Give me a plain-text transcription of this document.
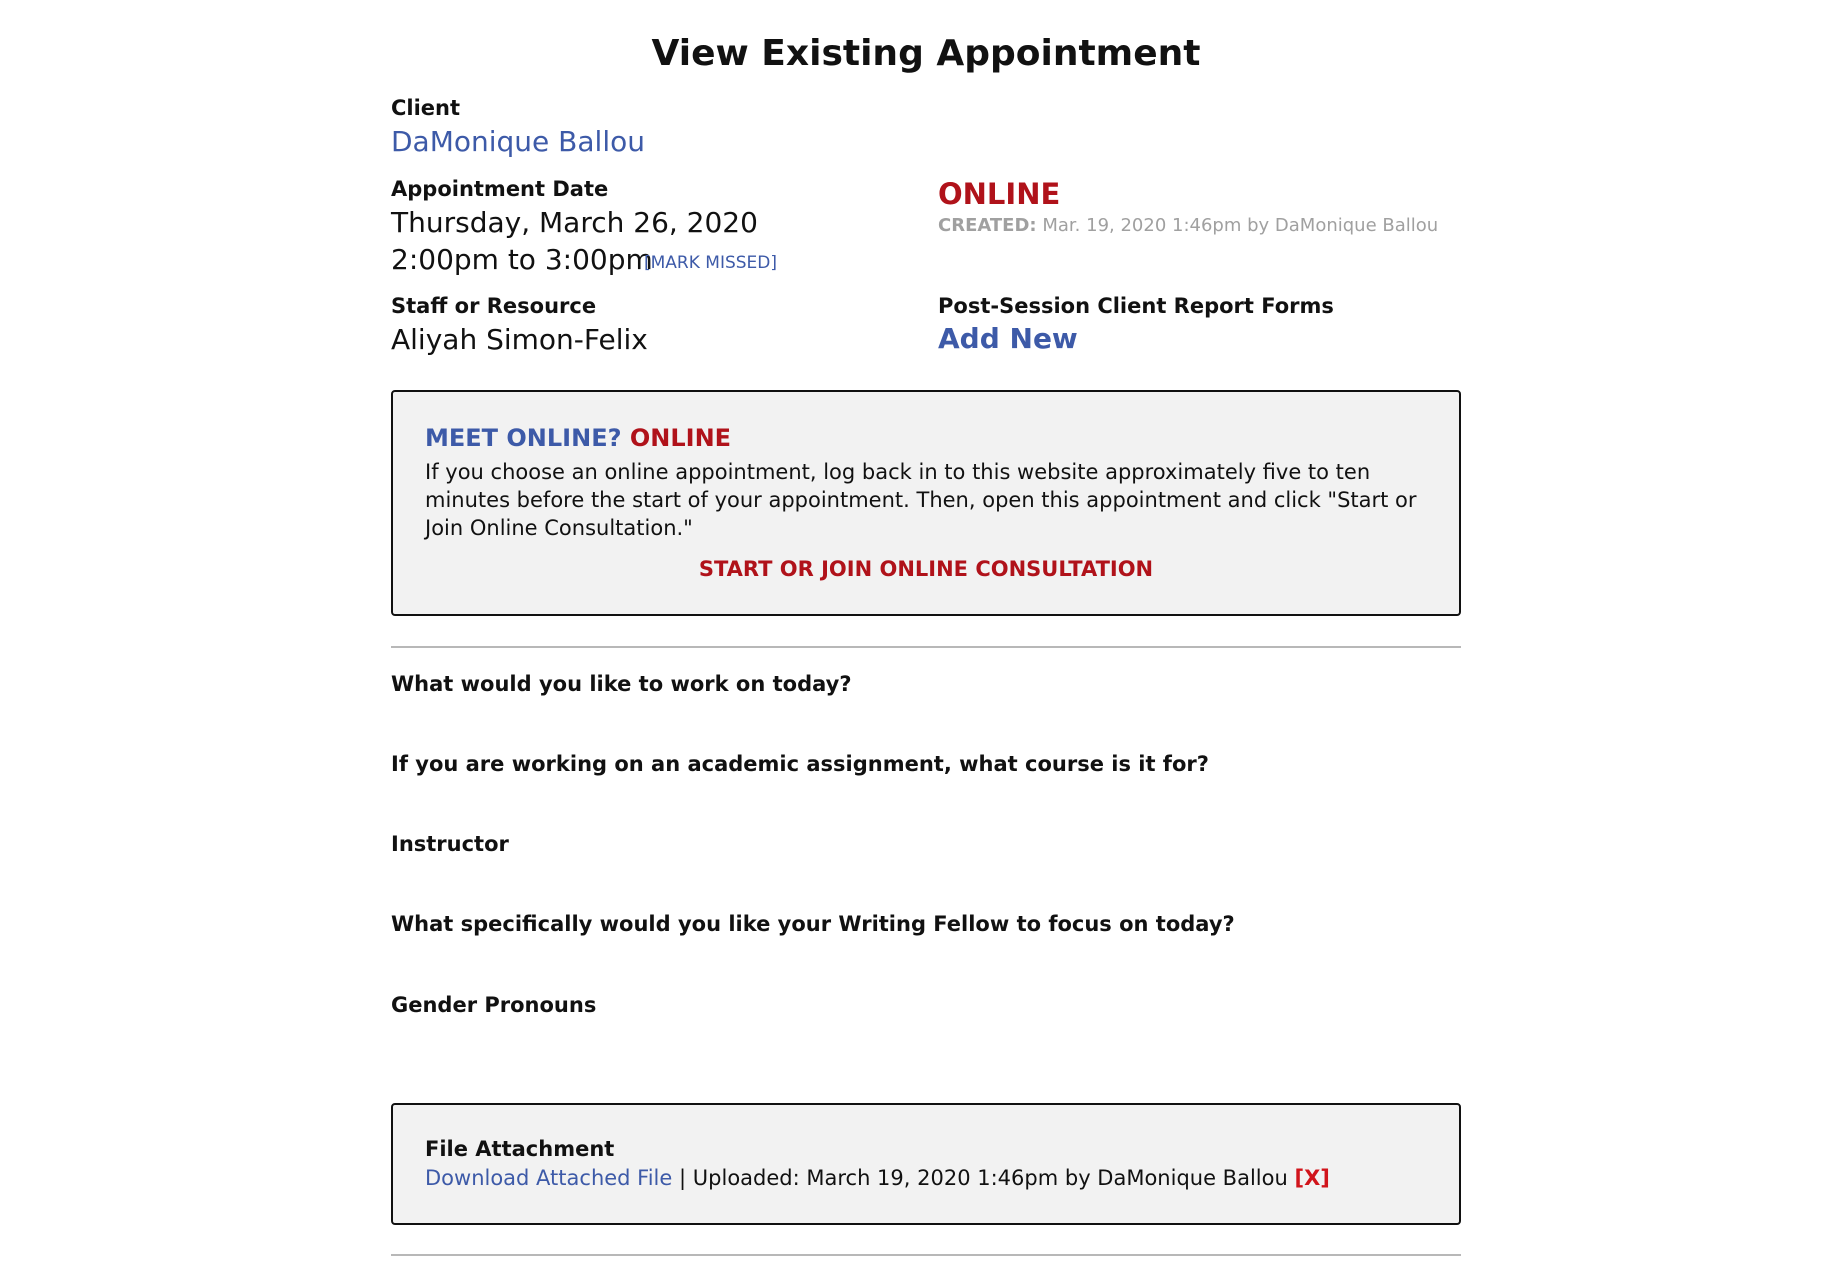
View Existing Appointment
Client
DaMonique Ballou
Appointment Date
Thursday, March 26, 2020
2:00pm to 3:00pm
[MARK MISSED]
ONLINE
CREATED: Mar. 19, 2020 1:46pm by DaMonique Ballou
Staff or Resource
Aliyah Simon-Felix
Post-Session Client Report Forms
Add New
MEET ONLINE? ONLINE
If you choose an online appointment, log back in to this website approximately five to ten minutes before the start of your appointment. Then, open this appointment and click "Start or Join Online Consultation."
START OR JOIN ONLINE CONSULTATION
What would you like to work on today?
If you are working on an academic assignment, what course is it for?
Instructor
What specifically would you like your Writing Fellow to focus on today?
Gender Pronouns
File Attachment
Download Attached File | Uploaded: March 19, 2020 1:46pm by DaMonique Ballou [X]
